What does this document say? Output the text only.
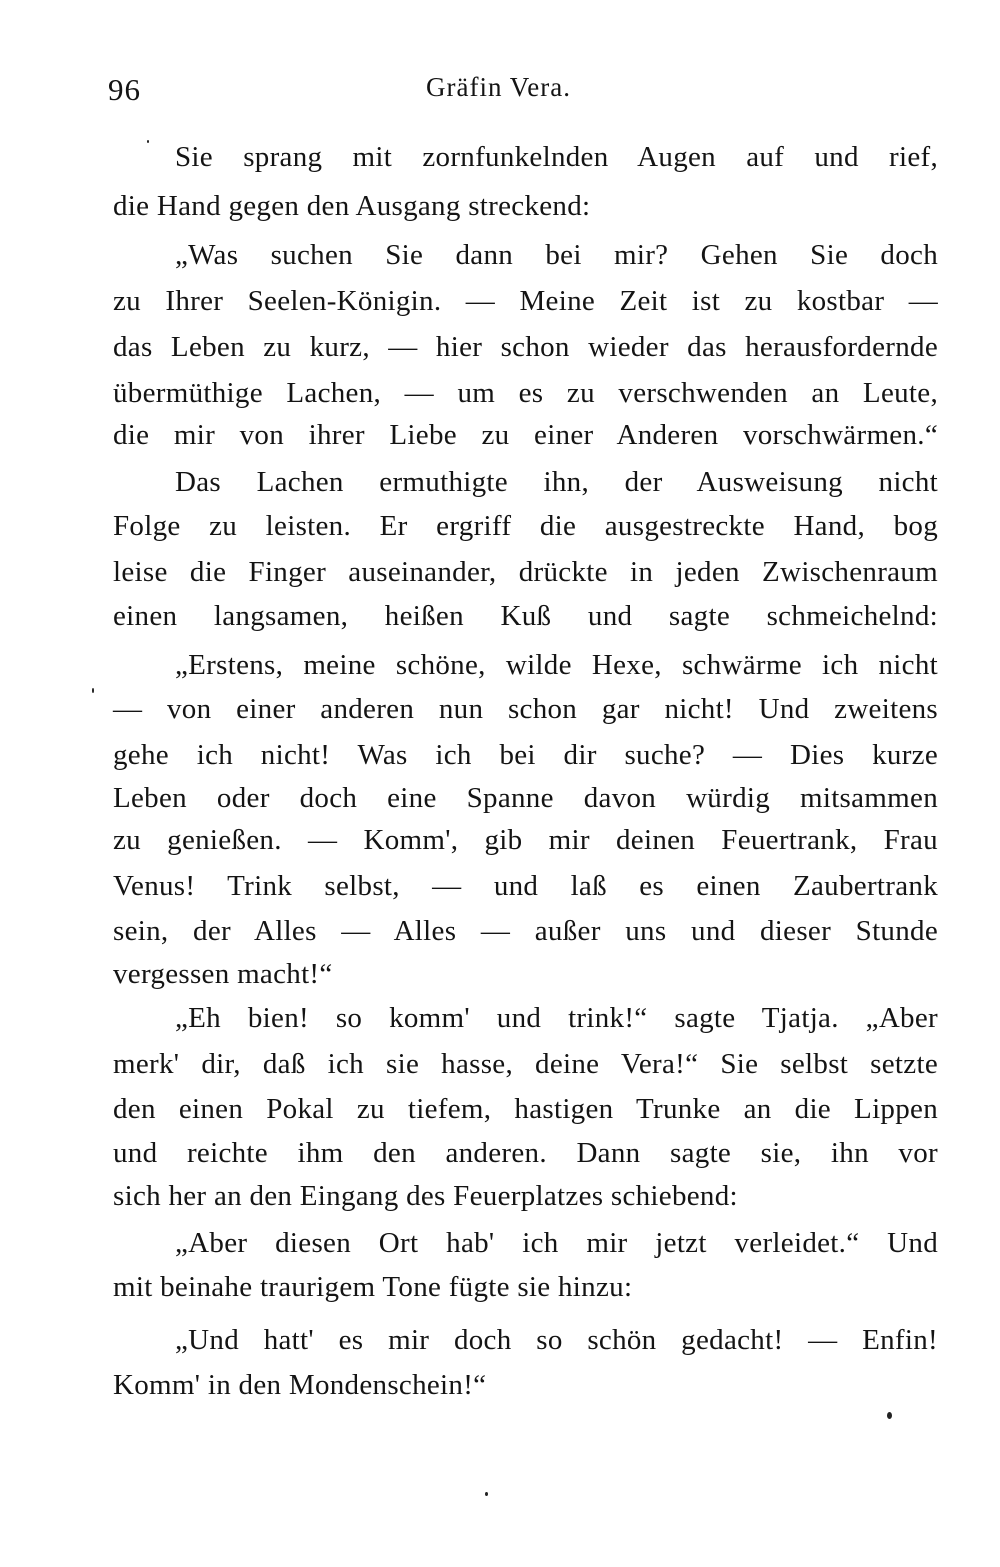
96	Gräfin Vera.
Sie sprang mit zornfunkelnden Augen auf und rief,
die Hand gegen den Ausgang streckend:
„Was suchen Sie dann bei mir? Gehen Sie doch
zu Ihrer Seelen-Königin. — Meine Zeit ist zu kostbar —
das Leben zu kurz, — hier schon wieder das herausfordernde
übermüthige Lachen, — um es zu verschwenden an Leute,
die mir von ihrer Liebe zu einer Anderen vorschwärmen.“
Das Lachen ermuthigte ihn, der Ausweisung nicht
Folge zu leisten. Er ergriff die ausgestreckte Hand, bog
leise die Finger auseinander, drückte in jeden Zwischenraum
einen langsamen, heißen Kuß und sagte schmeichelnd:
„Erstens, meine schöne, wilde Hexe, schwärme ich nicht
— von einer anderen nun schon gar nicht! Und zweitens
gehe ich nicht! Was ich bei dir suche? — Dies kurze
Leben oder doch eine Spanne davon würdig mitsammen
zu genießen. — Komm', gib mir deinen Feuertrank, Frau
Venus! Trink selbst, — und laß es einen Zaubertrank
sein, der Alles — Alles — außer uns und dieser Stunde
vergessen macht!“
„Eh bien! so komm' und trink!“ sagte Tjatja. „Aber
merk' dir, daß ich sie hasse, deine Vera!“ Sie selbst setzte
den einen Pokal zu tiefem, hastigen Trunke an die Lippen
und reichte ihm den anderen. Dann sagte sie, ihn vor
sich her an den Eingang des Feuerplatzes schiebend:
„Aber diesen Ort hab' ich mir jetzt verleidet.“ Und
mit beinahe traurigem Tone fügte sie hinzu:
„Und hatt' es mir doch so schön gedacht! — Enfin!
Komm' in den Mondenschein!“
